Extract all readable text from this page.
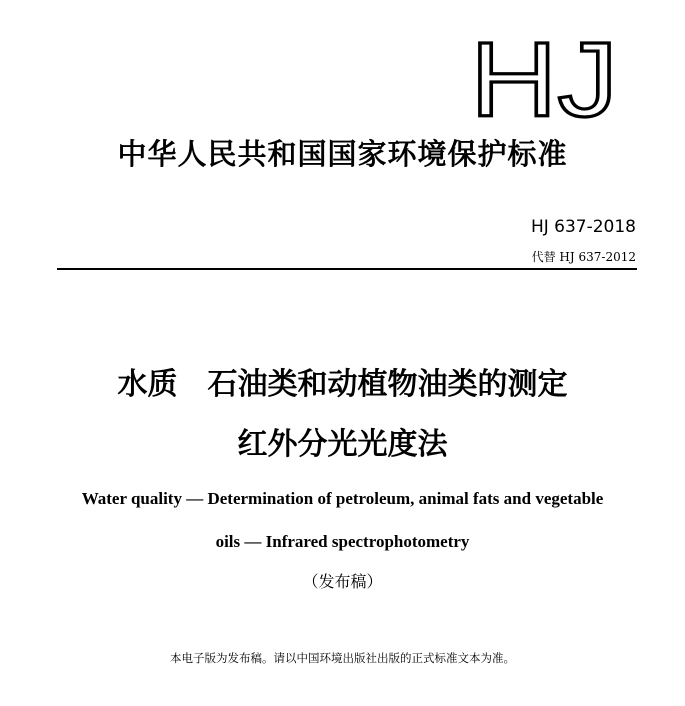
HJ
中华人民共和国国家环境保护标准
HJ 637-2018
代替 HJ 637-2012
水质　石油类和动植物油类的测定
红外分光光度法

Water quality — Determination of petroleum, animal fats and vegetable

oils — Infrared spectrophotometry

（发布稿）

本电子版为发布稿。请以中国环境出版社出版的正式标准文本为准。
